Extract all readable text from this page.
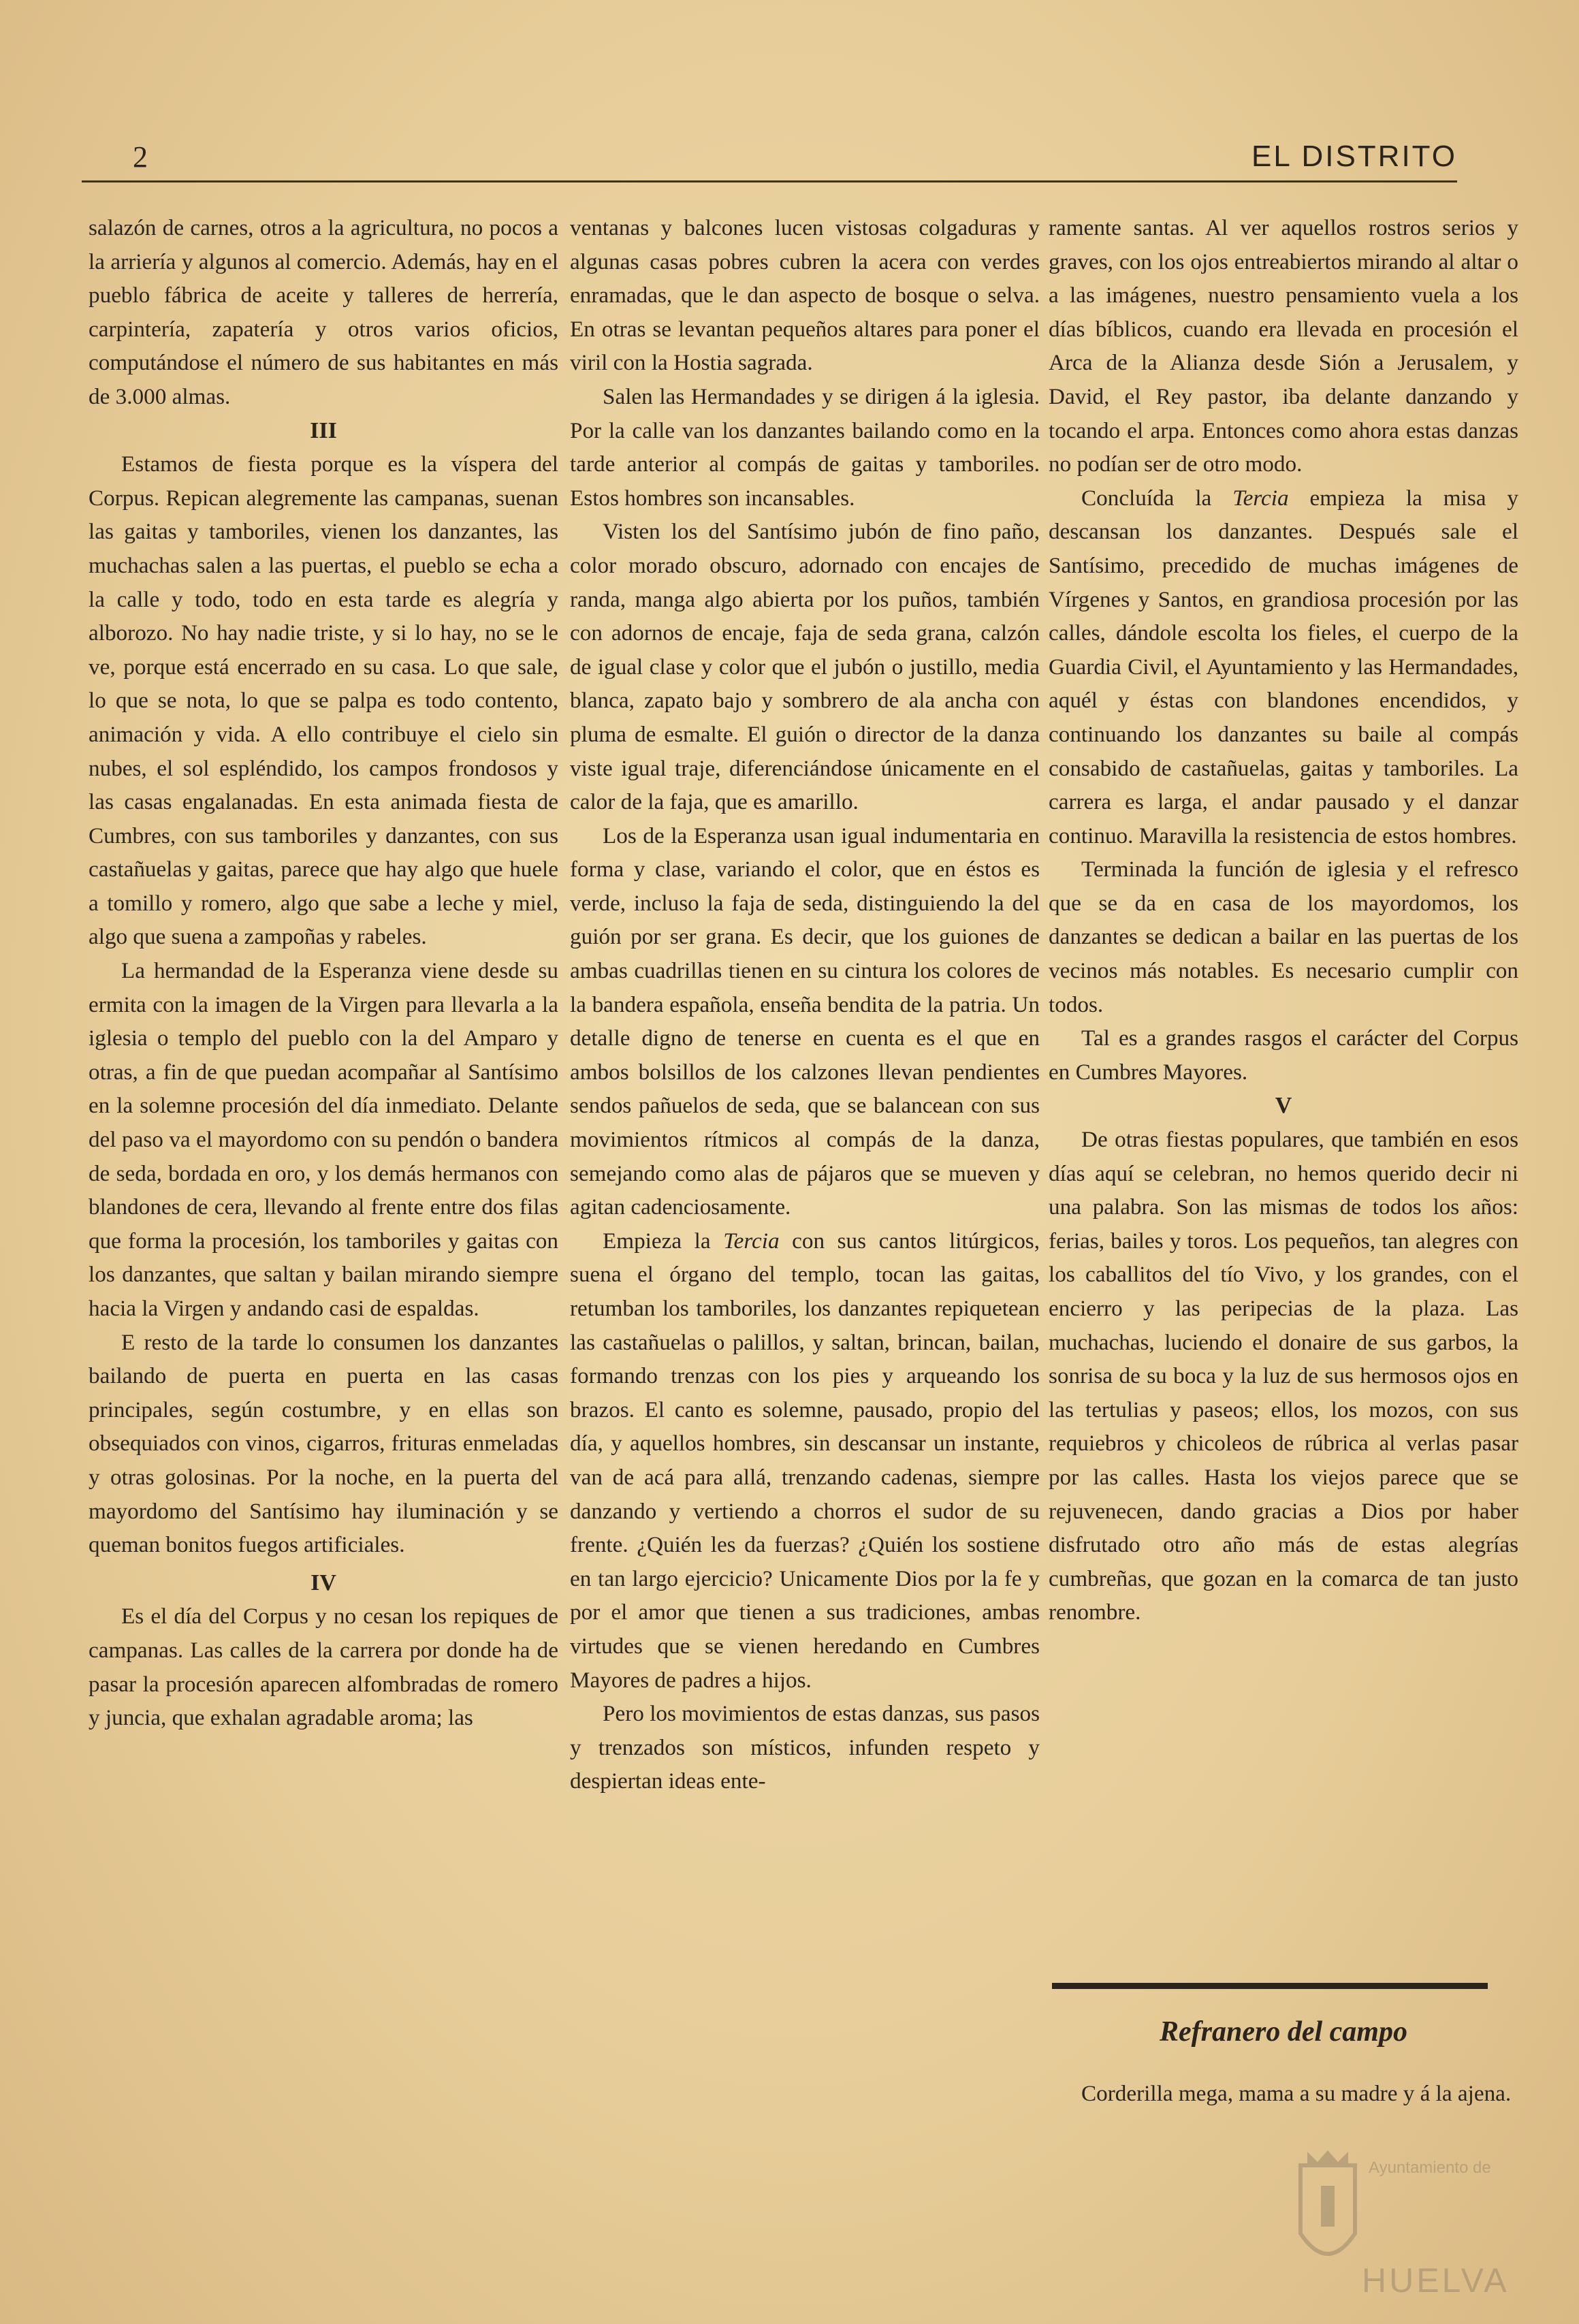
2	EL DISTRITO

salazón de carnes, otros a la agricultura, no pocos a la arriería y algunos al comercio. Además, hay en el pueblo fábrica de aceite y talleres de herrería, carpintería, zapatería y otros varios oficios, computándose el número de sus habitantes en más de 3.000 almas.

III

Estamos de fiesta porque es la víspera del Corpus. Repican alegremente las campanas, suenan las gaitas y tamboriles, vienen los danzantes, las muchachas salen a las puertas, el pueblo se echa a la calle y todo, todo en esta tarde es alegría y alborozo. No hay nadie triste, y si lo hay, no se le ve, porque está encerrado en su casa. Lo que sale, lo que se nota, lo que se palpa es todo contento, animación y vida. A ello contribuye el cielo sin nubes, el sol espléndido, los campos frondosos y las casas engalanadas. En esta animada fiesta de Cumbres, con sus tamboriles y danzantes, con sus castañuelas y gaitas, parece que hay algo que huele a tomillo y romero, algo que sabe a leche y miel, algo que suena a zampoñas y rabeles.

La hermandad de la Esperanza viene desde su ermita con la imagen de la Virgen para llevarla a la iglesia o templo del pueblo con la del Amparo y otras, a fin de que puedan acompañar al Santísimo en la solemne procesión del día inmediato. Delante del paso va el mayordomo con su pendón o bandera de seda, bordada en oro, y los demás hermanos con blandones de cera, llevando al frente entre dos filas que forma la procesión, los tamboriles y gaitas con los danzantes, que saltan y bailan mirando siempre hacia la Virgen y andando casi de espaldas.

E resto de la tarde lo consumen los danzantes bailando de puerta en puerta en las casas principales, según costumbre, y en ellas son obsequiados con vinos, cigarros, frituras enmeladas y otras golosinas. Por la noche, en la puerta del mayordomo del Santísimo hay iluminación y se queman bonitos fuegos artificiales.

IV

Es el día del Corpus y no cesan los repiques de campanas. Las calles de la carrera por donde ha de pasar la procesión aparecen alfombradas de romero y juncia, que exhalan agradable aroma; las

ventanas y balcones lucen vistosas colgaduras y algunas casas pobres cubren la acera con verdes enramadas, que le dan aspecto de bosque o selva. En otras se levantan pequeños altares para poner el viril con la Hostia sagrada.

Salen las Hermandades y se dirigen á la iglesia. Por la calle van los danzantes bailando como en la tarde anterior al compás de gaitas y tamboriles. Estos hombres son incansables.

Visten los del Santísimo jubón de fino paño, color morado obscuro, adornado con encajes de randa, manga algo abierta por los puños, también con adornos de encaje, faja de seda grana, calzón de igual clase y color que el jubón o justillo, media blanca, zapato bajo y sombrero de ala ancha con pluma de esmalte. El guión o director de la danza viste igual traje, diferenciándose únicamente en el calor de la faja, que es amarillo.

Los de la Esperanza usan igual indumentaria en forma y clase, variando el color, que en éstos es verde, incluso la faja de seda, distinguiendo la del guión por ser grana. Es decir, que los guiones de ambas cuadrillas tienen en su cintura los colores de la bandera española, enseña bendita de la patria. Un detalle digno de tenerse en cuenta es el que en ambos bolsillos de los calzones llevan pendientes sendos pañuelos de seda, que se balancean con sus movimientos rítmicos al compás de la danza, semejando como alas de pájaros que se mueven y agitan cadenciosamente.

Empieza la Tercia con sus cantos litúrgicos, suena el órgano del templo, tocan las gaitas, retumban los tamboriles, los danzantes repiquetean las castañuelas o palillos, y saltan, brincan, bailan, formando trenzas con los pies y arqueando los brazos. El canto es solemne, pausado, propio del día, y aquellos hombres, sin descansar un instante, van de acá para allá, trenzando cadenas, siempre danzando y vertiendo a chorros el sudor de su frente. ¿Quién les da fuerzas? ¿Quién los sostiene en tan largo ejercicio? Unicamente Dios por la fe y por el amor que tienen a sus tradiciones, ambas virtudes que se vienen heredando en Cumbres Mayores de padres a hijos.

Pero los movimientos de estas danzas, sus pasos y trenzados son místicos, infunden respeto y despiertan ideas ente-

ramente santas. Al ver aquellos rostros serios y graves, con los ojos entreabiertos mirando al altar o a las imágenes, nuestro pensamiento vuela a los días bíblicos, cuando era llevada en procesión el Arca de la Alianza desde Sión a Jerusalem, y David, el Rey pastor, iba delante danzando y tocando el arpa. Entonces como ahora estas danzas no podían ser de otro modo.

Concluída la Tercia empieza la misa y descansan los danzantes. Después sale el Santísimo, precedido de muchas imágenes de Vírgenes y Santos, en grandiosa procesión por las calles, dándole escolta los fieles, el cuerpo de la Guardia Civil, el Ayuntamiento y las Hermandades, aquél y éstas con blandones encendidos, y continuando los danzantes su baile al compás consabido de castañuelas, gaitas y tamboriles. La carrera es larga, el andar pausado y el danzar continuo. Maravilla la resistencia de estos hombres.

Terminada la función de iglesia y el refresco que se da en casa de los mayordomos, los danzantes se dedican a bailar en las puertas de los vecinos más notables. Es necesario cumplir con todos.

Tal es a grandes rasgos el carácter del Corpus en Cumbres Mayores.

V

De otras fiestas populares, que también en esos días aquí se celebran, no hemos querido decir ni una palabra. Son las mismas de todos los años: ferias, bailes y toros. Los pequeños, tan alegres con los caballitos del tío Vivo, y los grandes, con el encierro y las peripecias de la plaza. Las muchachas, luciendo el donaire de sus garbos, la sonrisa de su boca y la luz de sus hermosos ojos en las tertulias y paseos; ellos, los mozos, con sus requiebros y chicoleos de rúbrica al verlas pasar por las calles. Hasta los viejos parece que se rejuvenecen, dando gracias a Dios por haber disfrutado otro año más de estas alegrías cumbreñas, que gozan en la comarca de tan justo renombre.

Refranero del campo

Corderilla mega, mama a su madre y á la ajena.

Ayuntamiento de
HUELVA
